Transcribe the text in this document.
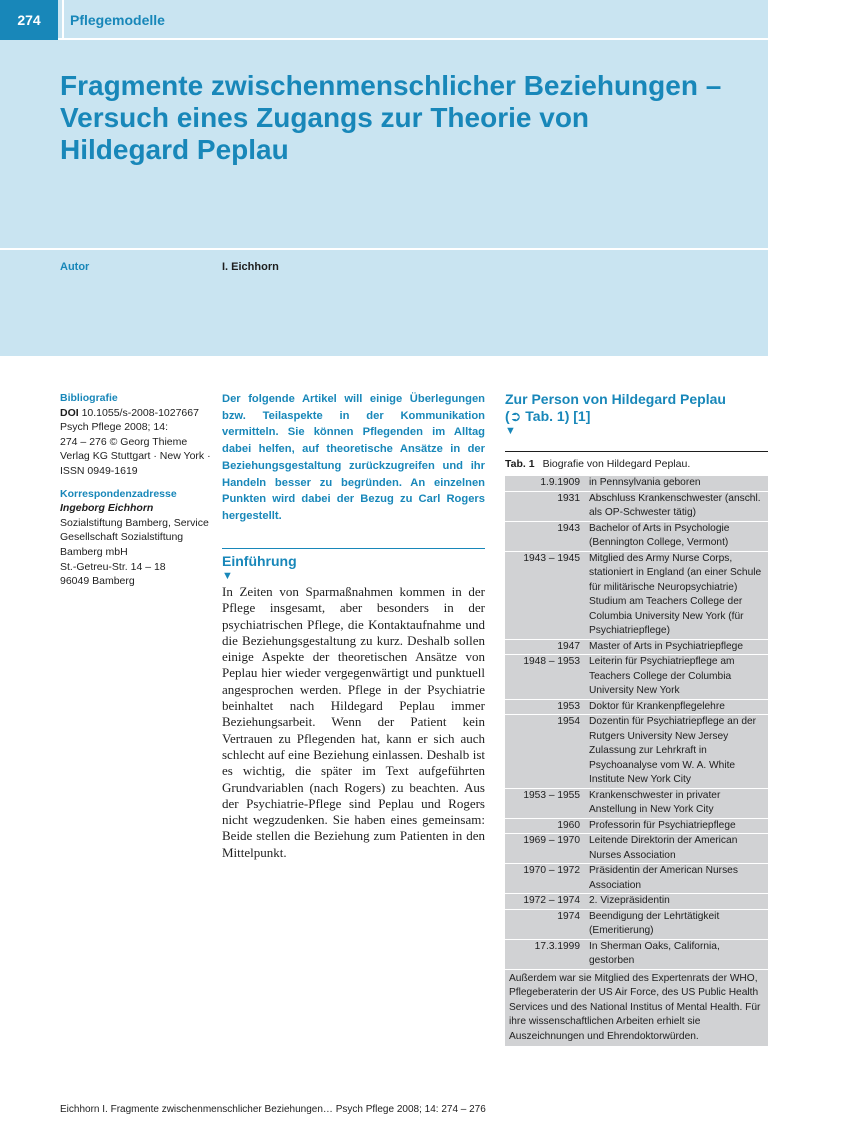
274	Pflegemodelle
Fragmente zwischenmenschlicher Beziehungen –
Versuch eines Zugangs zur Theorie von
Hildegard Peplau
Autor	I. Eichhorn
Bibliografie
DOI 10.1055/s-2008-1027667
Psych Pflege 2008; 14:
274 – 276 © Georg Thieme
Verlag KG Stuttgart · New York ·
ISSN 0949-1619
Korrespondenzadresse
Ingeborg Eichhorn
Sozialstiftung Bamberg, Service
Gesellschaft Sozialstiftung
Bamberg mbH
St.-Getreu-Str. 14 – 18
96049 Bamberg

Der folgende Artikel will einige Überlegungen bzw. Teilaspekte in der Kommunikation vermitteln. Sie können Pflegenden im Alltag dabei helfen, auf theoretische Ansätze in der Beziehungsgestaltung zurückzugreifen und ihr Handeln besser zu begründen. An einzelnen Punkten wird dabei der Bezug zu Carl Rogers hergestellt.

Einführung
▼

In Zeiten von Sparmaßnahmen kommen in der Pflege insgesamt, aber besonders in der psychiatrischen Pflege, die Kontaktaufnahme und die Beziehungsgestaltung zu kurz. Deshalb sollen einige Aspekte der theoretischen Ansätze von Peplau hier wieder vergegenwärtigt und punktuell angesprochen werden. Pflege in der Psychiatrie beinhaltet nach Hildegard Peplau immer Beziehungsarbeit. Wenn der Patient kein Vertrauen zu Pflegenden hat, kann er sich auch schlecht auf eine Beziehung einlassen. Deshalb ist es wichtig, die später im Text aufgeführten Grundvariablen (nach Rogers) zu beachten. Aus der Psychiatrie-Pflege sind Peplau und Rogers nicht wegzudenken. Sie haben eines gemeinsam: Beide stellen die Beziehung zum Patienten in den Mittelpunkt.

Zur Person von Hildegard Peplau
(➲ Tab. 1) [1]
▼
Tab. 1 Biografie von Hildegard Peplau.
1.9.1909 in Pennsylvania geboren
1931 Abschluss Krankenschwester (anschl. als OP-Schwester tätig)
1943 Bachelor of Arts in Psychologie (Bennington College, Vermont)
1943 – 1945 Mitglied des Army Nurse Corps, stationiert in England (an einer Schule für militärische Neuropsychiatrie) Studium am Teachers College der Columbia University New York (für Psychiatriepflege)
1947 Master of Arts in Psychiatriepflege
1948 – 1953 Leiterin für Psychiatriepflege am Teachers College der Columbia University New York
1953 Doktor für Krankenpflegelehre
1954 Dozentin für Psychiatriepflege an der Rutgers University New Jersey Zulassung zur Lehrkraft in Psychoanalyse vom W. A. White Institute New York City
1953 – 1955 Krankenschwester in privater Anstellung in New York City
1960 Professorin für Psychiatriepflege
1969 – 1970 Leitende Direktorin der American Nurses Association
1970 – 1972 Präsidentin der American Nurses Association
1972 – 1974 2. Vizepräsidentin
1974 Beendigung der Lehrtätigkeit (Emeritierung)
17.3.1999 In Sherman Oaks, California, gestorben
Außerdem war sie Mitglied des Expertenrats der WHO, Pflegeberaterin der US Air Force, des US Public Health Services und des National Institus of Mental Health. Für ihre wissenschaftlichen Arbeiten erhielt sie Auszeichnungen und Ehrendoktorwürden.
Eichhorn I. Fragmente zwischenmenschlicher Beziehungen… Psych Pflege 2008; 14: 274 – 276
